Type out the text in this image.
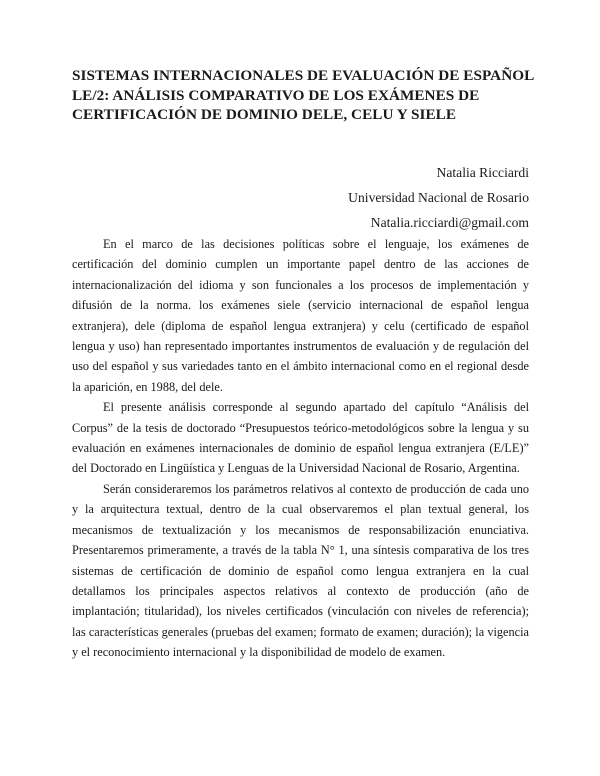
SISTEMAS INTERNACIONALES DE EVALUACIÓN DE ESPAÑOL
LE/2: ANÁLISIS COMPARATIVO DE LOS EXÁMENES DE
CERTIFICACIÓN DE DOMINIO DELE, CELU Y SIELE
Natalia Ricciardi
Universidad Nacional de Rosario
Natalia.ricciardi@gmail.com

En el marco de las decisiones políticas sobre el lenguaje, los exámenes de certificación del dominio cumplen un importante papel dentro de las acciones de internacionalización del idioma y son funcionales a los procesos de implementación y difusión de la norma. los exámenes siele (servicio internacional de español lengua extranjera), dele (diploma de español lengua extranjera) y celu (certificado de español lengua y uso) han representado importantes instrumentos de evaluación y de regulación del uso del español y sus variedades tanto en el ámbito internacional como en el regional desde la aparición, en 1988, del dele.

El presente análisis corresponde al segundo apartado del capítulo “Análisis del Corpus” de la tesis de doctorado “Presupuestos teórico-metodológicos sobre la lengua y su evaluación en exámenes internacionales de dominio de español lengua extranjera (E/LE)” del Doctorado en Lingüística y Lenguas de la Universidad Nacional de Rosario, Argentina.

Serán consideraremos los parámetros relativos al contexto de producción de cada uno y la arquitectura textual, dentro de la cual observaremos el plan textual general, los mecanismos de textualización y los mecanismos de responsabilización enunciativa. Presentaremos primeramente, a través de la tabla N° 1, una síntesis comparativa de los tres sistemas de certificación de dominio de español como lengua extranjera en la cual detallamos los principales aspectos relativos al contexto de producción (año de implantación; titularidad), los niveles certificados (vinculación con niveles de referencia); las características generales (pruebas del examen; formato de examen; duración); la vigencia y el reconocimiento internacional y la disponibilidad de modelo de examen.
